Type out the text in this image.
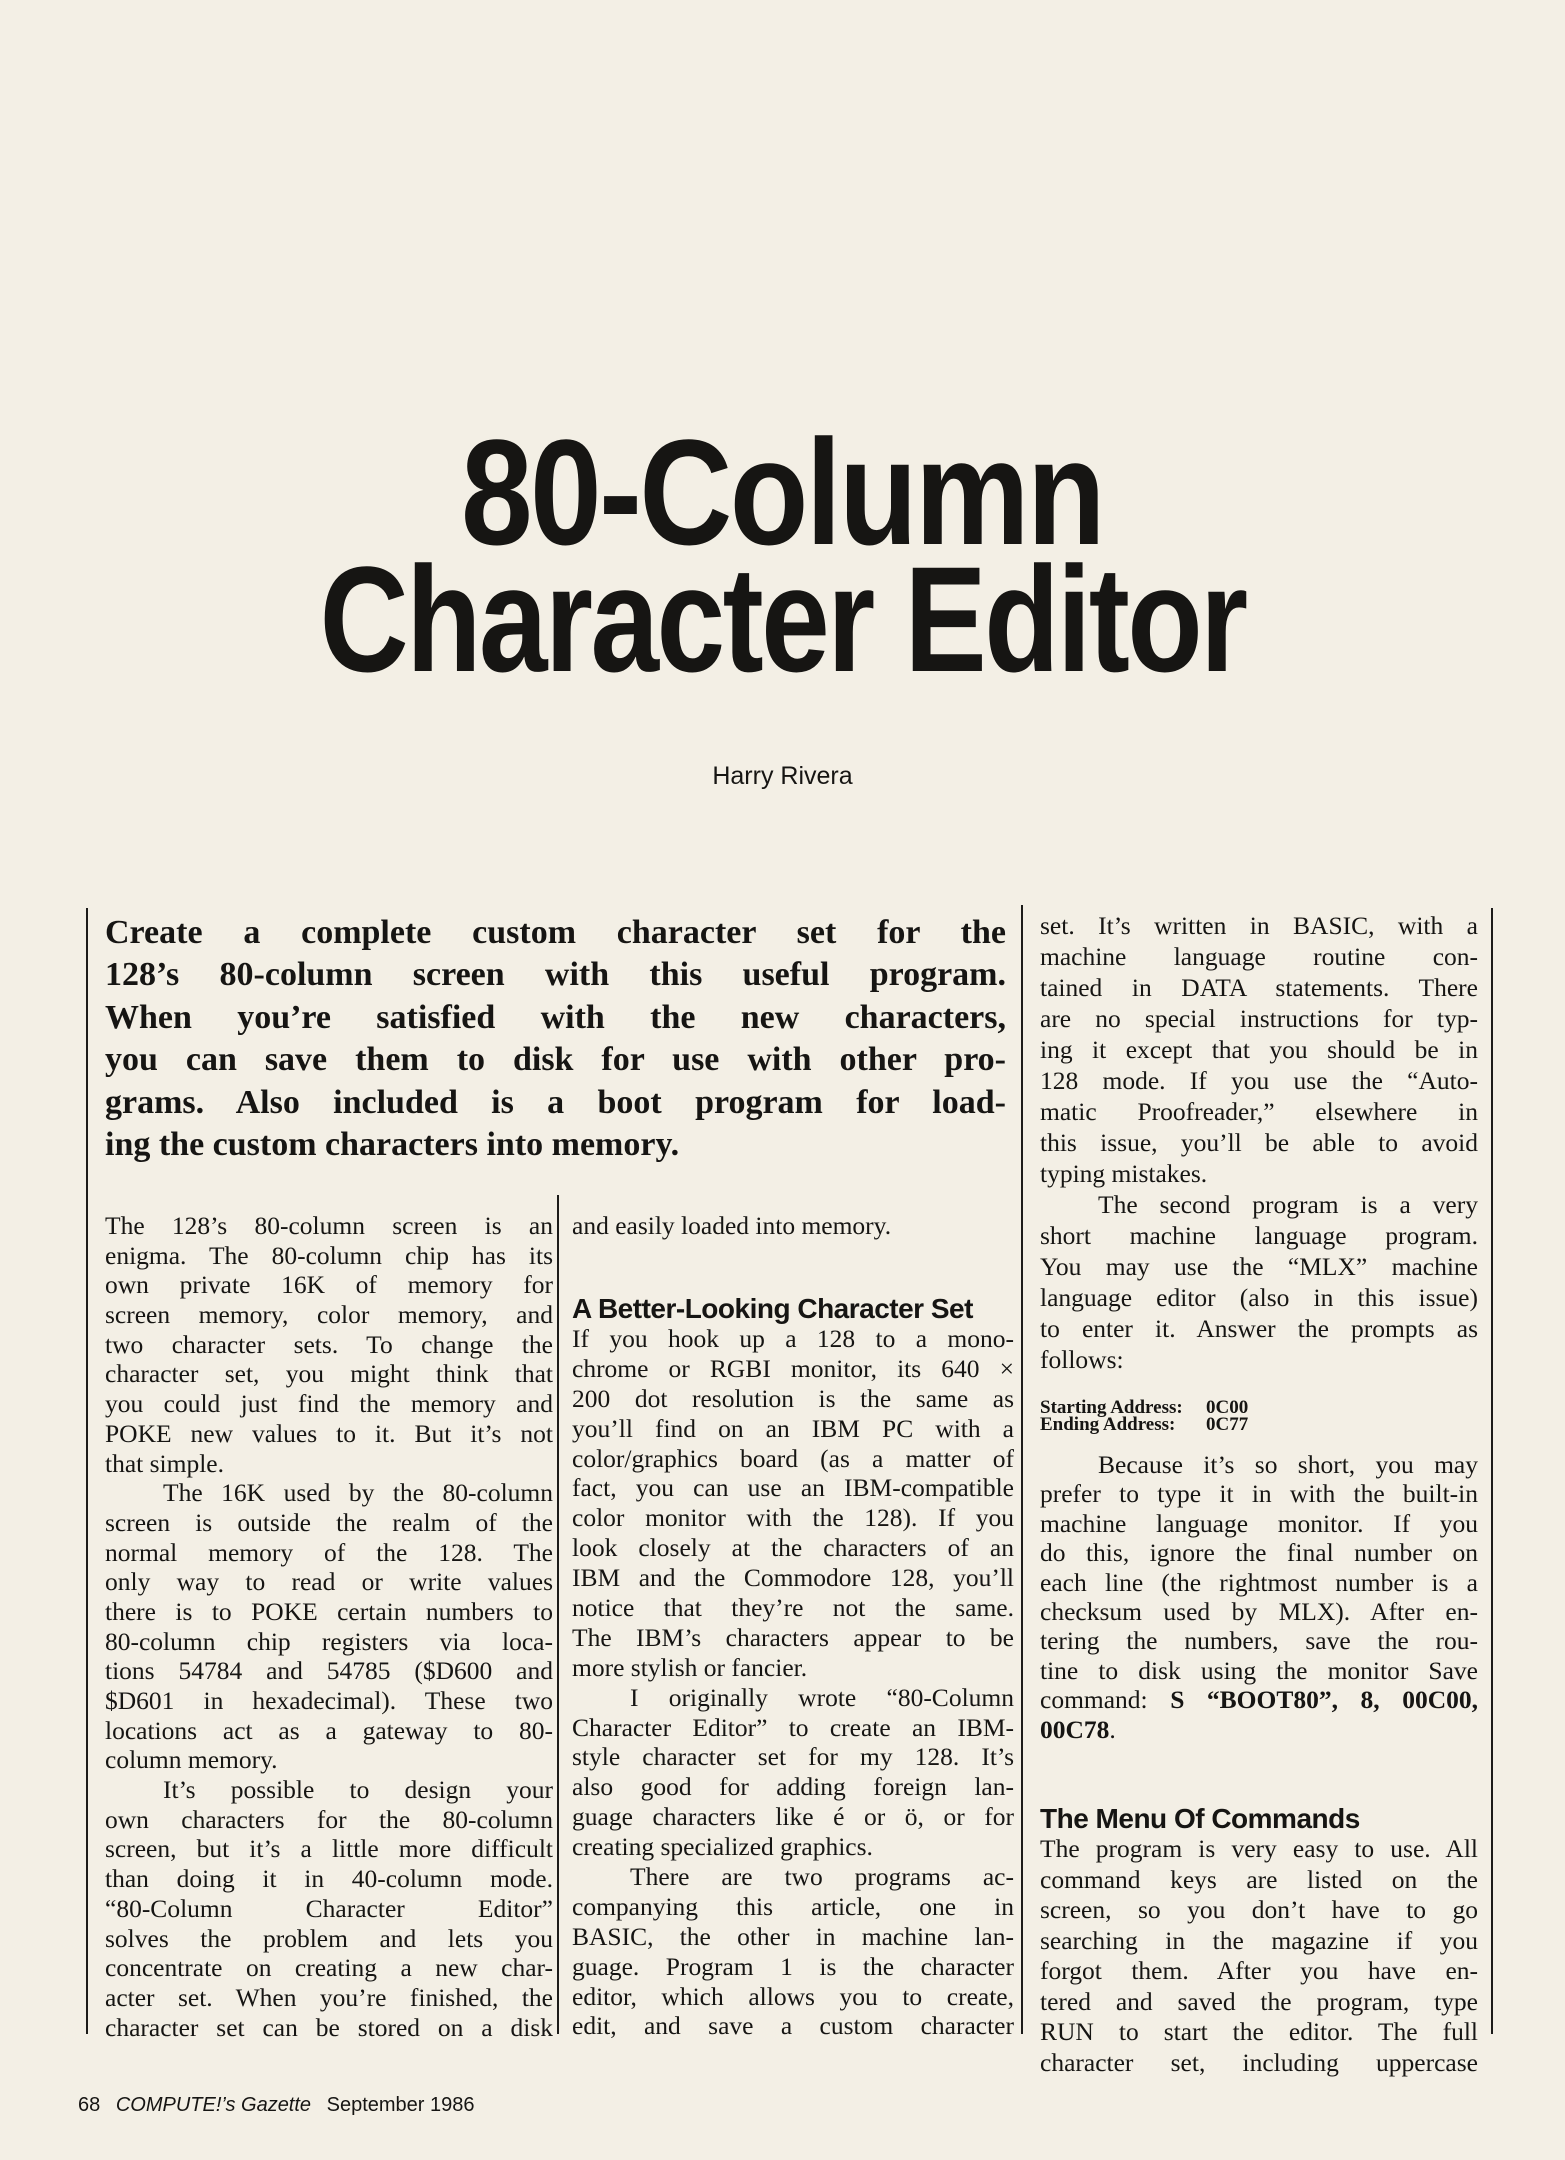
80-Column
Character Editor
Harry Rivera
Create a complete custom character set for the
128’s 80-column screen with this useful program.
When you’re satisfied with the new characters,
you can save them to disk for use with other pro-
grams. Also included is a boot program for load-
ing the custom characters into memory.
The 128’s 80-column screen is an
enigma. The 80-column chip has its
own private 16K of memory for
screen memory, color memory, and
two character sets. To change the
character set, you might think that
you could just find the memory and
POKE new values to it. But it’s not
that simple.
The 16K used by the 80-column
screen is outside the realm of the
normal memory of the 128. The
only way to read or write values
there is to POKE certain numbers to
80-column chip registers via loca-
tions 54784 and 54785 ($D600 and
$D601 in hexadecimal). These two
locations act as a gateway to 80-
column memory.
It’s possible to design your
own characters for the 80-column
screen, but it’s a little more difficult
than doing it in 40-column mode.
“80-Column Character Editor”
solves the problem and lets you
concentrate on creating a new char-
acter set. When you’re finished, the
character set can be stored on a disk
and easily loaded into memory.
A Better-Looking Character Set
If you hook up a 128 to a mono-
chrome or RGBI monitor, its 640 ×
200 dot resolution is the same as
you’ll find on an IBM PC with a
color/graphics board (as a matter of
fact, you can use an IBM-compatible
color monitor with the 128). If you
look closely at the characters of an
IBM and the Commodore 128, you’ll
notice that they’re not the same.
The IBM’s characters appear to be
more stylish or fancier.
I originally wrote “80-Column
Character Editor” to create an IBM-
style character set for my 128. It’s
also good for adding foreign lan-
guage characters like é or ö, or for
creating specialized graphics.
There are two programs ac-
companying this article, one in
BASIC, the other in machine lan-
guage. Program 1 is the character
editor, which allows you to create,
edit, and save a custom character
set. It’s written in BASIC, with a
machine language routine con-
tained in DATA statements. There
are no special instructions for typ-
ing it except that you should be in
128 mode. If you use the “Auto-
matic Proofreader,” elsewhere in
this issue, you’ll be able to avoid
typing mistakes.
The second program is a very
short machine language program.
You may use the “MLX” machine
language editor (also in this issue)
to enter it. Answer the prompts as
follows:
Starting Address: 0C00
Ending Address: 0C77
Because it’s so short, you may
prefer to type it in with the built-in
machine language monitor. If you
do this, ignore the final number on
each line (the rightmost number is a
checksum used by MLX). After en-
tering the numbers, save the rou-
tine to disk using the monitor Save
command: S “BOOT80”, 8, 00C00,
00C78.
The Menu Of Commands
The program is very easy to use. All
command keys are listed on the
screen, so you don’t have to go
searching in the magazine if you
forgot them. After you have en-
tered and saved the program, type
RUN to start the editor. The full
character set, including uppercase
68 COMPUTE!’s Gazette September 1986
